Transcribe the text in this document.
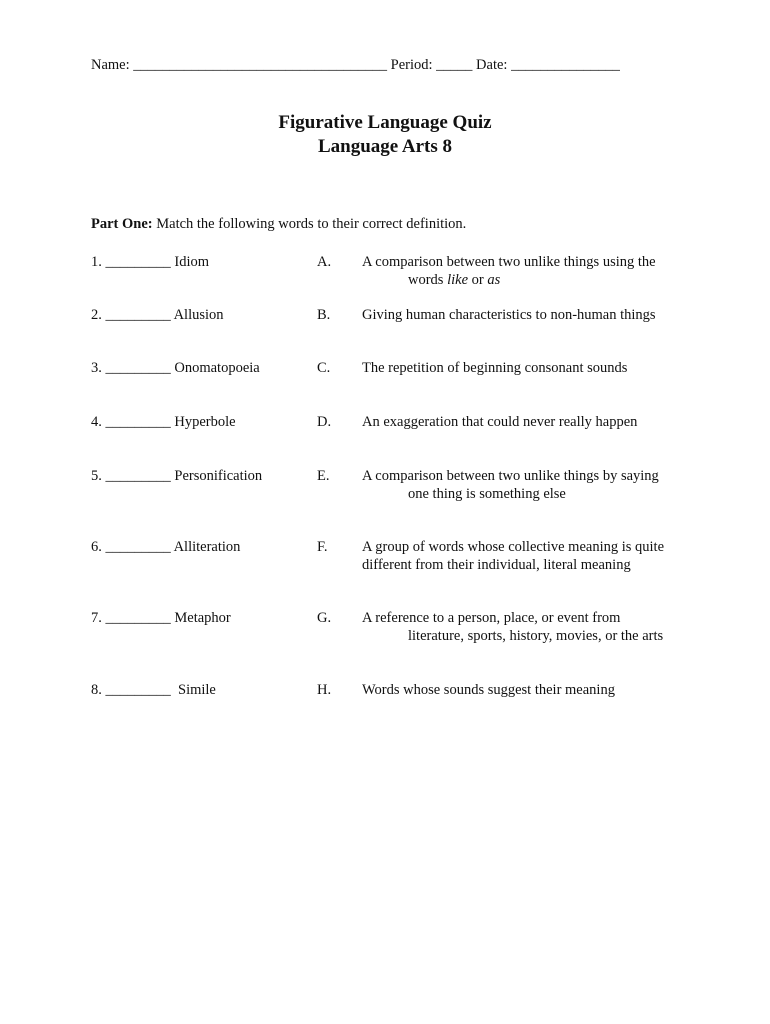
Name: ___________________________________ Period: _____ Date: _______________
Figurative Language Quiz
Language Arts 8
Part One: Match the following words to their correct definition.
1. _________ Idiom	A. A comparison between two unlike things using the
words like or as
2. _________ Allusion	B. Giving human characteristics to non-human things
3. _________ Onomatopoeia	C. The repetition of beginning consonant sounds
4. _________ Hyperbole	D. An exaggeration that could never really happen
5. _________ Personification	E. A comparison between two unlike things by saying
one thing is something else
6. _________ Alliteration	F. A group of words whose collective meaning is quite
different from their individual, literal meaning
7. _________ Metaphor	G. A reference to a person, place, or event from
literature, sports, history, movies, or the arts
8. _________ Simile	H. Words whose sounds suggest their meaning
